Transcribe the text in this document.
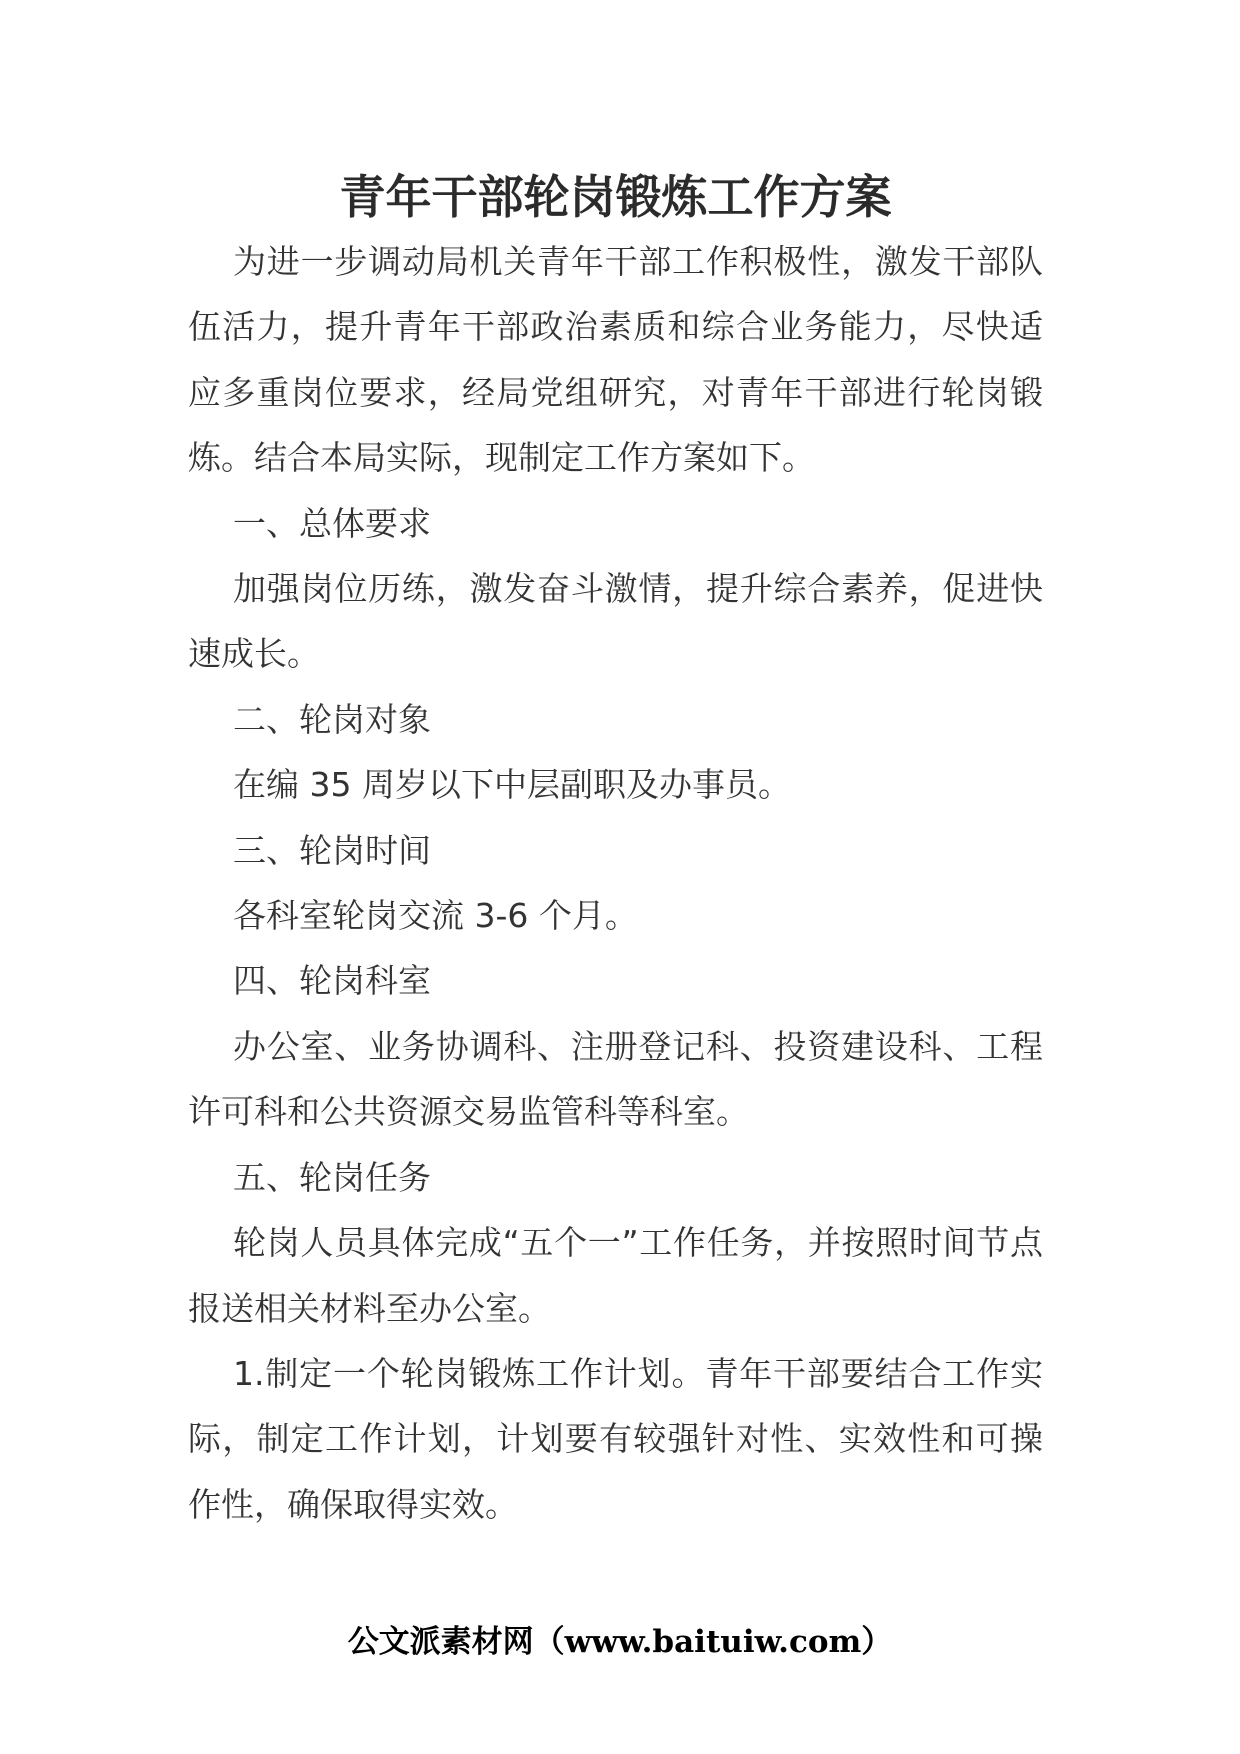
青年干部轮岗锻炼工作方案

为进一步调动局机关青年干部工作积极性，激发干部队伍活力，提升青年干部政治素质和综合业务能力，尽快适应多重岗位要求，经局党组研究，对青年干部进行轮岗锻炼。结合本局实际，现制定工作方案如下。

一、总体要求

加强岗位历练，激发奋斗激情，提升综合素养，促进快速成长。

二、轮岗对象

在编 35 周岁以下中层副职及办事员。

三、轮岗时间

各科室轮岗交流 3-6 个月。

四、轮岗科室

办公室、业务协调科、注册登记科、投资建设科、工程许可科和公共资源交易监管科等科室。

五、轮岗任务

轮岗人员具体完成“五个一”工作任务，并按照时间节点报送相关材料至办公室。

1.制定一个轮岗锻炼工作计划。青年干部要结合工作实际，制定工作计划，计划要有较强针对性、实效性和可操作性，确保取得实效。

公文派素材网（www.baituiw.com）
